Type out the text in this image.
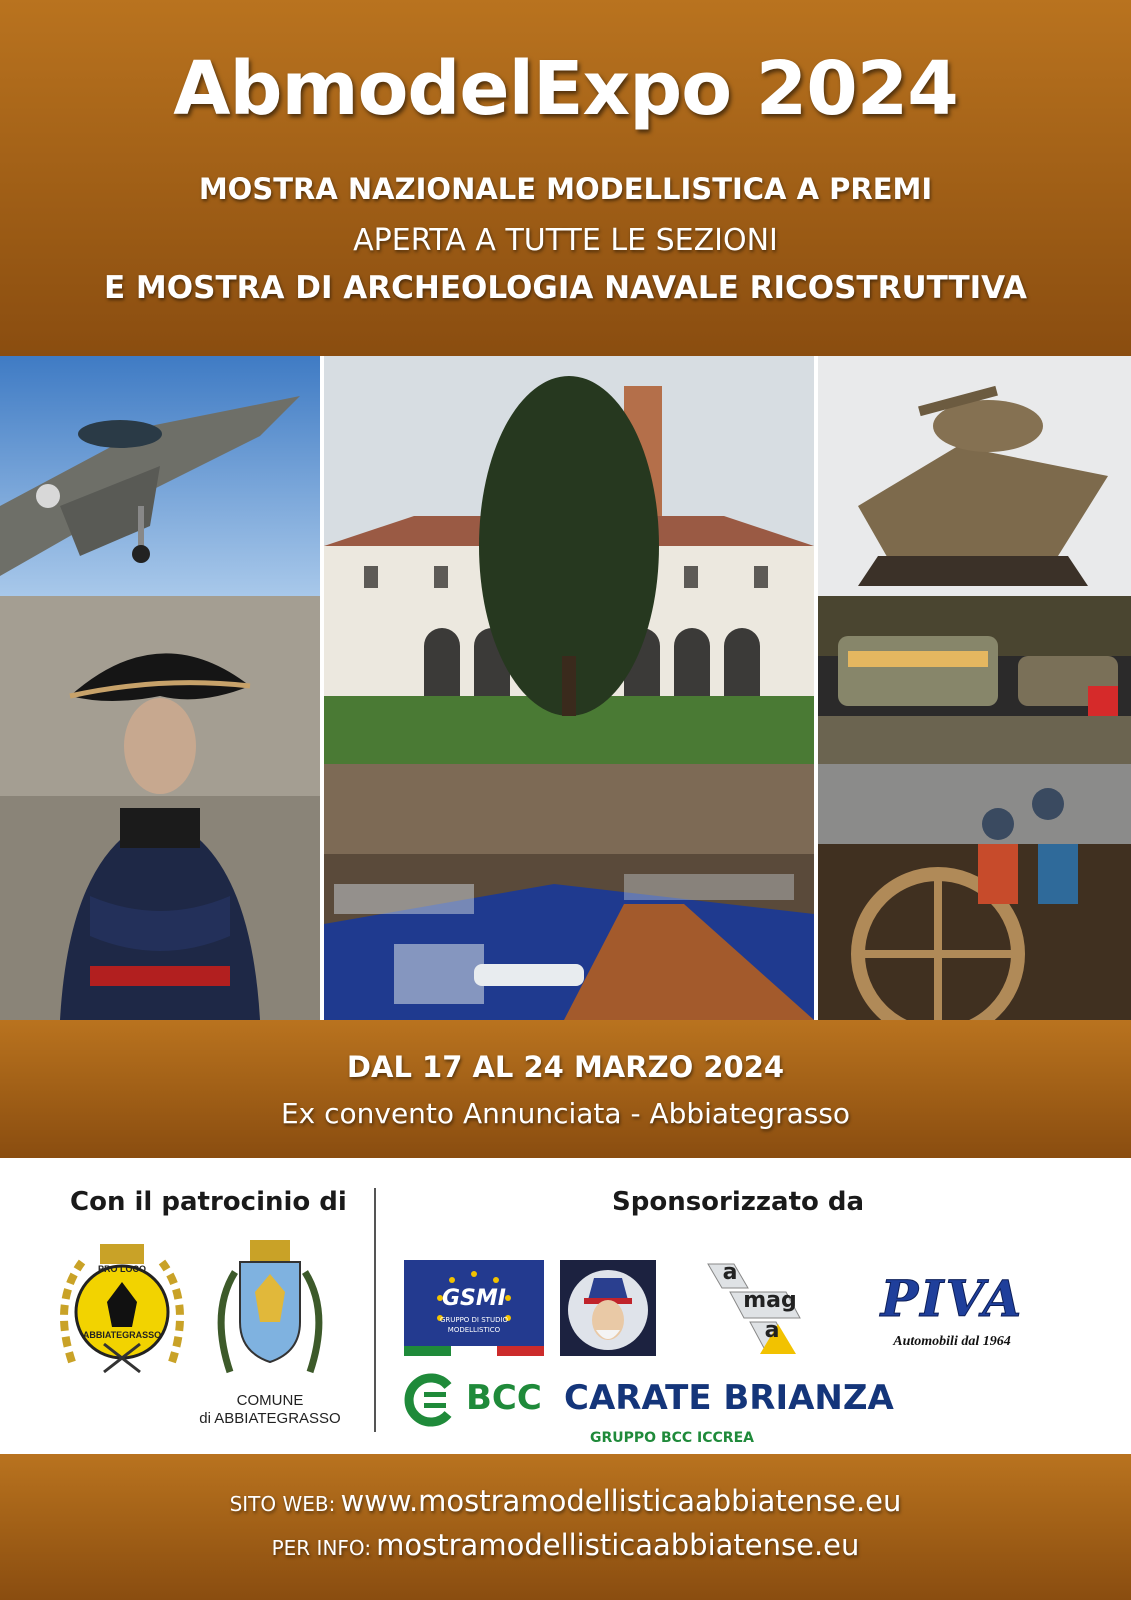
AbmodelExpo 2024
MOSTRA NAZIONALE MODELLISTICA A PREMI
APERTA A TUTTE LE SEZIONI
E MOSTRA DI ARCHEOLOGIA NAVALE RICOSTRUTTIVA
DAL 17 AL 24 MARZO 2024
Ex convento Annunciata - Abbiategrasso
Con il patrocinio di
PRO LOCO
ABBIATEGRASSO
COMUNE
di ABBIATEGRASSO
Sponsorizzato da
GSMI
GRUPPO DI STUDIO
MODELLISTICO
a
mag
a
PIVA
Automobili dal 1964
BCC CARATE BRIANZA
GRUPPO BCC ICCREA
SITO WEB: www.mostramodellisticaabbiatense.eu
PER INFO: mostramodellisticaabbiatense.eu
